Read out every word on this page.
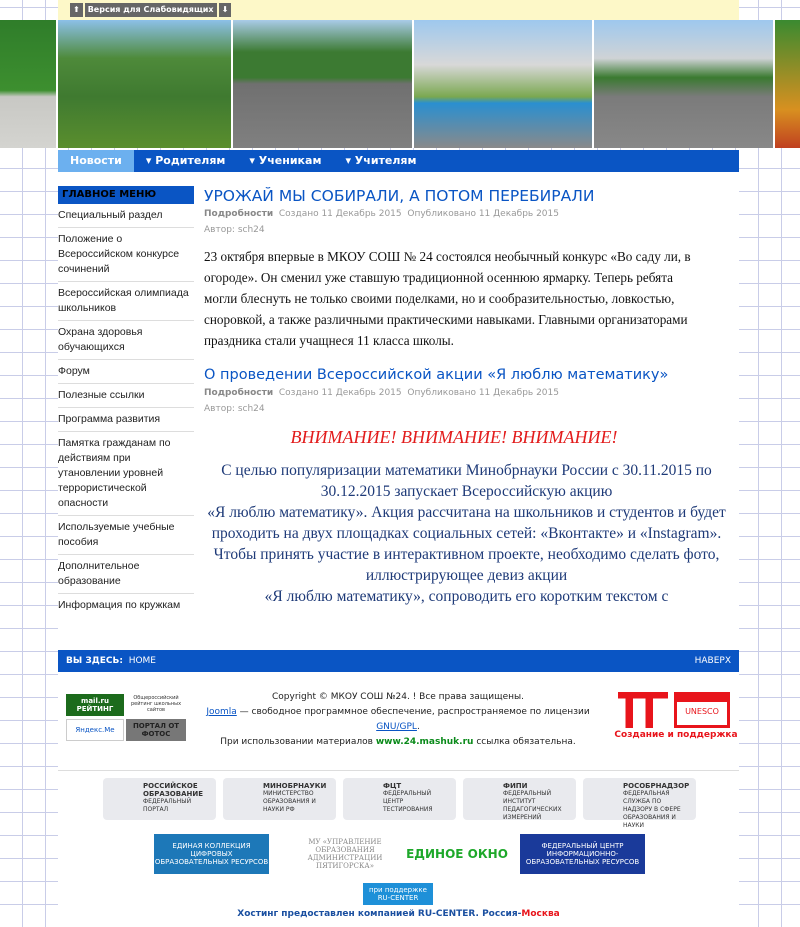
⬆	Версия для Слабовидящих	⬇
Новости	▾ Родителям	▾ Ученикам	▾ Учителям
ГЛАВНОЕ МЕНЮ
Специальный раздел
Положение о Всероссийском конкурсе сочинений
Всероссийская олимпиада школьников
Охрана здоровья обучающихся
Форум
Полезные ссылки
Программа развития
Памятка гражданам по действиям при утановлении уровней террористической опасности
Используемые учебные пособия
Дополнительное образование
Информация по кружкам
УРОЖАЙ МЫ СОБИРАЛИ, А ПОТОМ ПЕРЕБИРАЛИ
Подробности Создано 11 Декабрь 2015 Опубликовано 11 Декабрь 2015  Автор: sch24

23 октября впервые в МКОУ СОШ № 24 состоялся необычный конкурс «Во саду ли, в огороде». Он сменил уже ставшую традиционной осеннюю ярмарку. Теперь ребята могли блеснуть не только своими поделками, но и сообразительностью, ловкостью, сноровкой, а также различными практическими навыками. Главными организаторами праздника стали учащнеся 11 класса школы.

О проведении Всероссийской акции «Я люблю математику»
Подробности Создано 11 Декабрь 2015 Опубликовано 11 Декабрь 2015  Автор: sch24
ВНИМАНИЕ! ВНИМАНИЕ! ВНИМАНИЕ!

С целью популяризации математики Минобрнауки России с 30.11.2015 по 30.12.2015 запускает Всероссийскую акцию

«Я люблю математику». Акция рассчитана на школьников и студентов и будет проходить на двух площадках социальных сетей: «Вконтакте» и «Instagram».

Чтобы принять участие в интерактивном проекте, необходимо сделать фото, иллюстрирующее девиз акции

«Я люблю математику», сопроводить его коротким текстом с

ВЫ ЗДЕСЬ: HOME	НАВЕРХ
mail.ru РЕЙТИНГ
Общероссийский рейтинг школьных сайтов
Яндекс.Ме	ПОРТАЛ ОТ ФОТОС
Copyright © МКОУ СОШ №24. ! Все права защищены.
Joomla — свободное программное обеспечение, распространяемое по лицензии
GNU/GPL.
При использовании материалов www.24.mashuk.ru ссылка обязательна.
UNESCO
Создание и поддержка
РОССИЙСКОЕ ОБРАЗОВАНИЕ
ФЕДЕРАЛЬНЫЙ ПОРТАЛ
МИНОБРНАУКИ
МИНИСТЕРСТВО ОБРАЗОВАНИЯ И НАУКИ РФ
ФЦТ
ФЕДЕРАЛЬНЫЙ ЦЕНТР ТЕСТИРОВАНИЯ
ФИПИ
ФЕДЕРАЛЬНЫЙ ИНСТИТУТ ПЕДАГОГИЧЕСКИХ ИЗМЕРЕНИЙ
РОСОБРНАДЗОР
ФЕДЕРАЛЬНАЯ СЛУЖБА ПО НАДЗОРУ В СФЕРЕ ОБРАЗОВАНИЯ И НАУКИ
ЕДИНАЯ КОЛЛЕКЦИЯ ЦИФРОВЫХ ОБРАЗОВАТЕЛЬНЫХ РЕСУРСОВ
МУ «УПРАВЛЕНИЕ ОБРАЗОВАНИЯ АДМИНИСТРАЦИИ ПЯТИГОРСКА»
ЕДИНОЕ ОКНО
ФЕДЕРАЛЬНЫЙ ЦЕНТР ИНФОРМАЦИОННО-ОБРАЗОВАТЕЛЬНЫХ РЕСУРСОВ
при поддержке RU-CENTER
Хостинг предоставлен компанией RU-CENTER. Россия-Москва
